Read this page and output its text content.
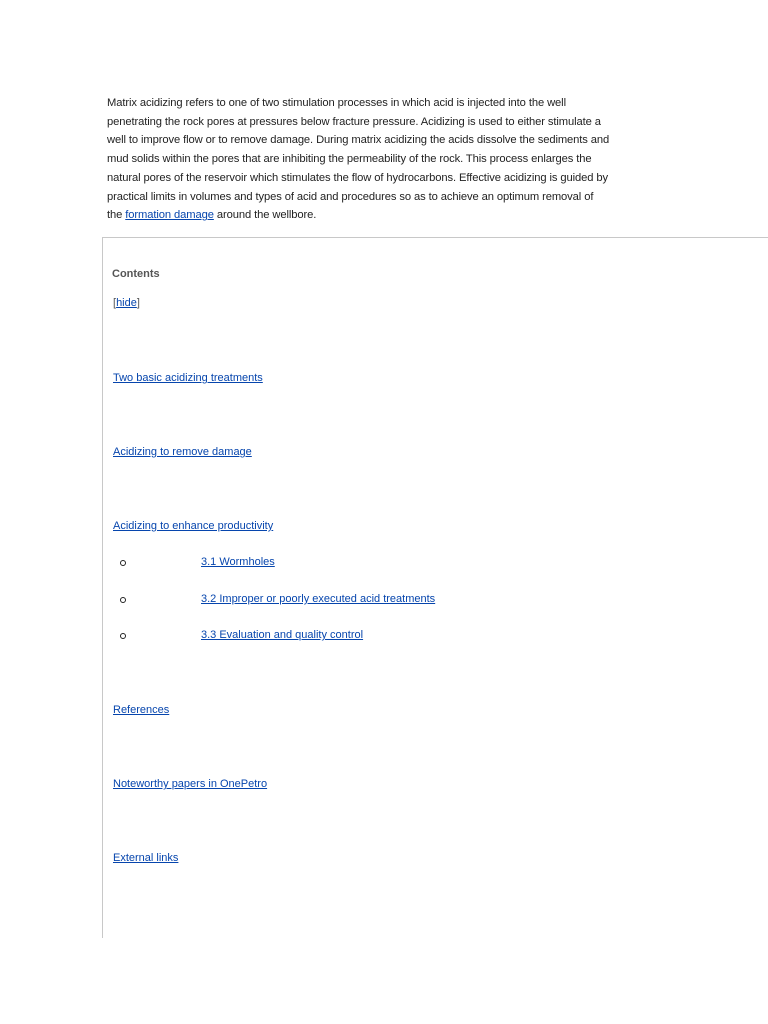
Matrix acidizing refers to one of two stimulation processes in which acid is injected into the well
penetrating the rock pores at pressures below fracture pressure. Acidizing is used to either stimulate a
well to improve flow or to remove damage. During matrix acidizing the acids dissolve the sediments and
mud solids within the pores that are inhibiting the permeability of the rock. This process enlarges the
natural pores of the reservoir which stimulates the flow of hydrocarbons. Effective acidizing is guided by
practical limits in volumes and types of acid and procedures so as to achieve an optimum removal of
the formation damage around the wellbore.
Contents
[hide]
Two basic acidizing treatments
Acidizing to remove damage
Acidizing to enhance productivity
3.1 Wormholes
3.2 Improper or poorly executed acid treatments
3.3 Evaluation and quality control
References
Noteworthy papers in OnePetro
External links
